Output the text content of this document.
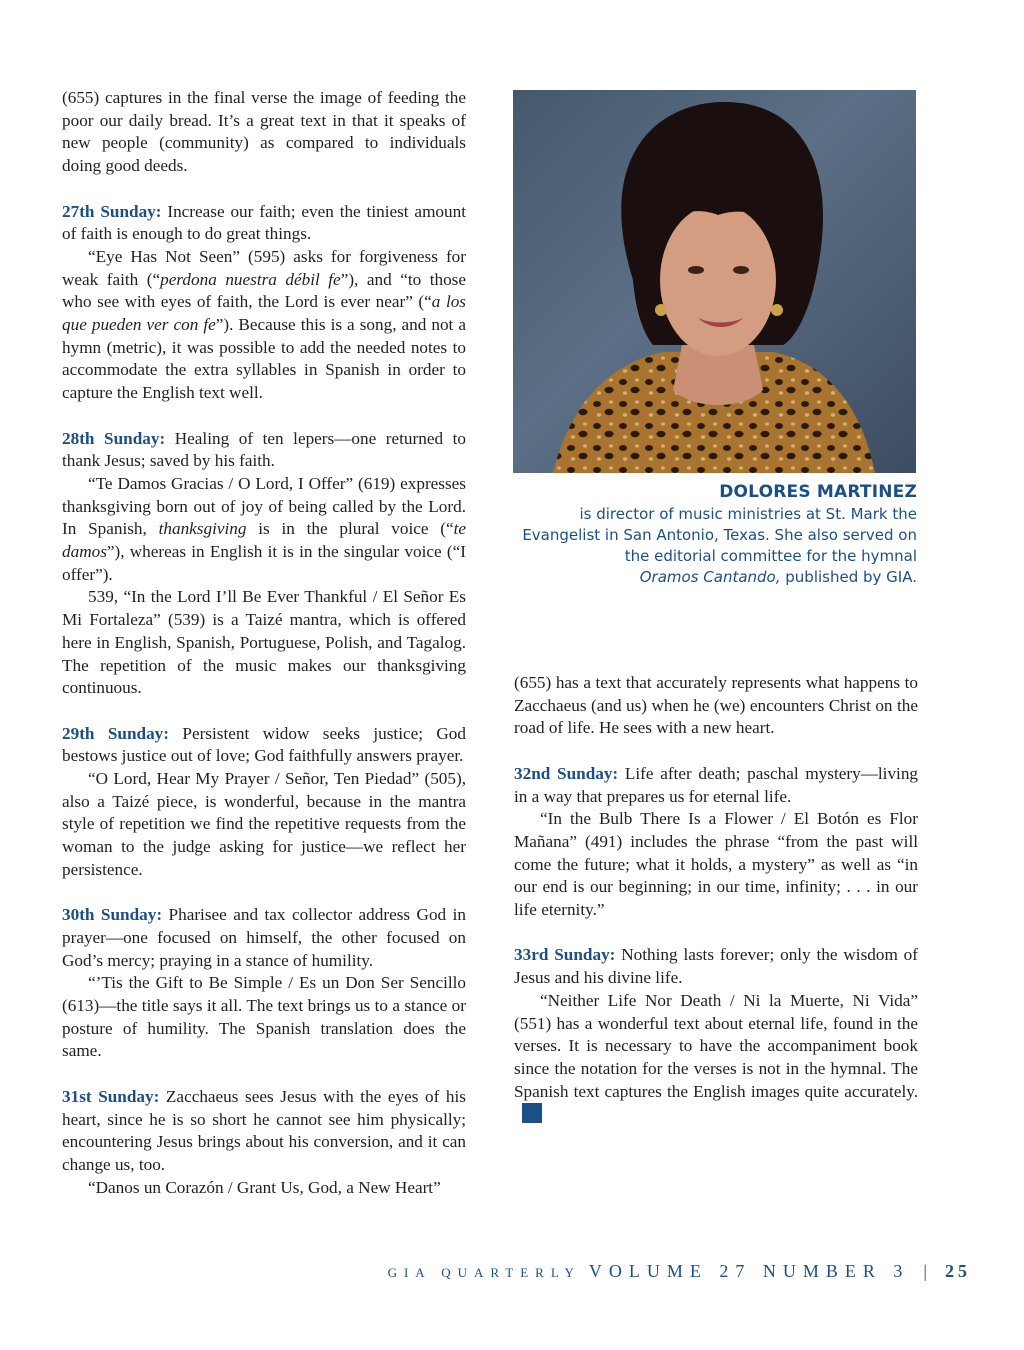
(655) captures in the final verse the image of feeding the poor our daily bread. It’s a great text in that it speaks of new people (community) as compared to individuals doing good deeds.

27th Sunday: Increase our faith; even the tiniest amount of faith is enough to do great things.

“Eye Has Not Seen” (595) asks for forgiveness for weak faith (“perdona nuestra débil fe”), and “to those who see with eyes of faith, the Lord is ever near” (“a los que pueden ver con fe”). Because this is a song, and not a hymn (metric), it was possible to add the needed notes to accommodate the extra syllables in Spanish in order to capture the English text well.

28th Sunday: Healing of ten lepers—one returned to thank Jesus; saved by his faith.

“Te Damos Gracias / O Lord, I Offer” (619) expresses thanksgiving born out of joy of being called by the Lord. In Spanish, thanksgiving is in the plural voice (“te damos”), whereas in English it is in the singular voice (“I offer”).

539, “In the Lord I’ll Be Ever Thankful / El Señor Es Mi Fortaleza” (539) is a Taizé mantra, which is offered here in English, Spanish, Portuguese, Polish, and Tagalog. The repetition of the music makes our thanksgiving continuous.

29th Sunday: Persistent widow seeks justice; God bestows justice out of love; God faithfully answers prayer.

“O Lord, Hear My Prayer / Señor, Ten Piedad” (505), also a Taizé piece, is wonderful, because in the mantra style of repetition we find the repetitive requests from the woman to the judge asking for justice—we reflect her persistence.

30th Sunday: Pharisee and tax collector address God in prayer—one focused on himself, the other focused on God’s mercy; praying in a stance of humility.

“’Tis the Gift to Be Simple / Es un Don Ser Sencillo (613)—the title says it all. The text brings us to a stance or posture of humility. The Spanish translation does the same.

31st Sunday: Zacchaeus sees Jesus with the eyes of his heart, since he is so short he cannot see him physically; encountering Jesus brings about his conversion, and it can change us, too.

“Danos un Corazón / Grant Us, God, a New Heart”

DOLORES MARTINEZ
is director of music ministries at St. Mark the
Evangelist in San Antonio, Texas. She also served on
the editorial committee for the hymnal
Oramos Cantando, published by GIA.

(655) has a text that accurately represents what happens to Zacchaeus (and us) when he (we) encounters Christ on the road of life. He sees with a new heart.

32nd Sunday: Life after death; paschal mystery—living in a way that prepares us for eternal life.

“In the Bulb There Is a Flower / El Botón es Flor Mañana” (491) includes the phrase “from the past will come the future; what it holds, a mystery” as well as “in our end is our beginning; in our time, infinity; . . . in our life eternity.”

33rd Sunday: Nothing lasts forever; only the wisdom of Jesus and his divine life.

“Neither Life Nor Death / Ni la Muerte, Ni Vida” (551) has a wonderful text about eternal life, found in the verses. It is necessary to have the accompaniment book since the notation for the verses is not in the hymnal. The Spanish text captures the English images quite accurately.

GIA QUARTERLY VOLUME 27 NUMBER 3 | 25
